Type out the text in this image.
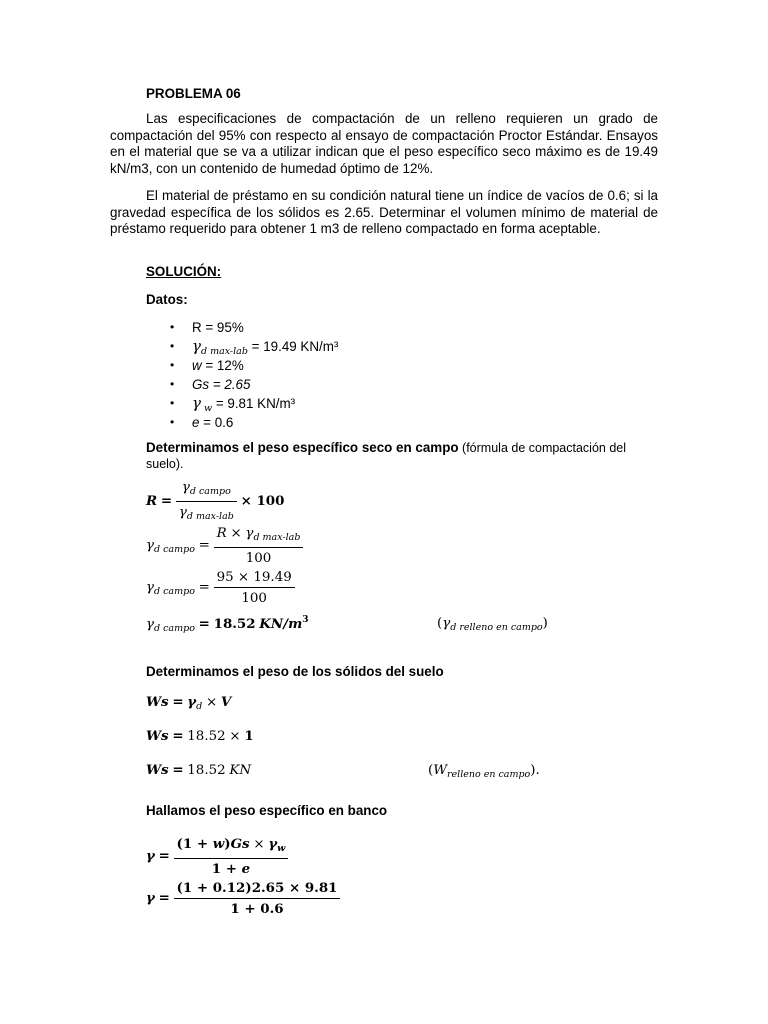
PROBLEMA 06
Las especificaciones de compactación de un relleno requieren un grado de compactación del 95% con respecto al ensayo de compactación Proctor Estándar. Ensayos en el material que se va a utilizar indican que el peso específico seco máximo es de 19.49 kN/m3, con un contenido de humedad óptimo de 12%.
El material de préstamo en su condición natural tiene un índice de vacíos de 0.6; si la gravedad específica de los sólidos es 2.65. Determinar el volumen mínimo de material de préstamo requerido para obtener 1 m3 de relleno compactado en forma aceptable.
SOLUCIÓN:
Datos:
• R = 95%
• $\gamma_{d max-lab} = 19.49$ KN/m³
• w = 12%
• Gs = 2.65
• γ $_w$ = 9.81 KN/m³
• e = 0.6
Determinamos el peso específico seco en campo (fórmula de compactación del suelo).
$R = \frac{\gamma_{d campo}}{\gamma_{d max-lab}} \times 100$
$\gamma_{d campo} = \frac{R \times \gamma_{d max-lab}}{100}$
$\gamma_{d campo} = \frac{95 \times 19.49}{100}$
$\gamma_{d campo} = 18.52$ $KN/m^3$	$(\gamma_{d relleno en campo})$
Determinamos el peso de los sólidos del suelo
$Ws = \gamma_d \times V$
Ws = 18.52 × 1
Ws = 18.52 KN	$(W_{relleno en campo})$.
Hallamos el peso específico en banco
$\gamma = \frac{(1 + w)Gs \times \gamma_w}{1 + e}$
$\gamma = \frac{(1 + 0.12)2.65 \times 9.81}{1 + 0.6}$
